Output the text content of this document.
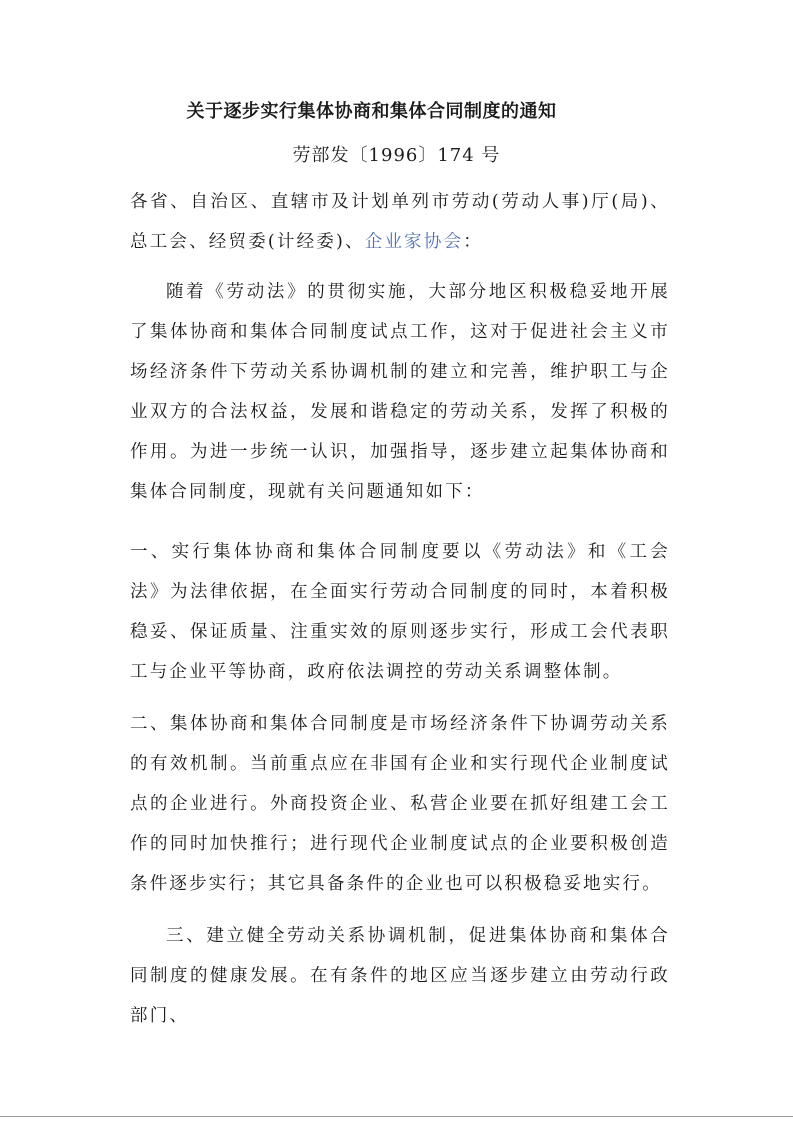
关于逐步实行集体协商和集体合同制度的通知
劳部发〔1996〕174 号

各省、自治区、直辖市及计划单列市劳动(劳动人事)厅(局)、总工会、经贸委(计经委)、企业家协会：

随着《劳动法》的贯彻实施，大部分地区积极稳妥地开展了集体协商和集体合同制度试点工作，这对于促进社会主义市场经济条件下劳动关系协调机制的建立和完善，维护职工与企业双方的合法权益，发展和谐稳定的劳动关系，发挥了积极的作用。为进一步统一认识，加强指导，逐步建立起集体协商和集体合同制度，现就有关问题通知如下：

一、实行集体协商和集体合同制度要以《劳动法》和《工会法》为法律依据，在全面实行劳动合同制度的同时，本着积极稳妥、保证质量、注重实效的原则逐步实行，形成工会代表职工与企业平等协商，政府依法调控的劳动关系调整体制。

二、集体协商和集体合同制度是市场经济条件下协调劳动关系的有效机制。当前重点应在非国有企业和实行现代企业制度试点的企业进行。外商投资企业、私营企业要在抓好组建工会工作的同时加快推行；进行现代企业制度试点的企业要积极创造条件逐步实行；其它具备条件的企业也可以积极稳妥地实行。

三、建立健全劳动关系协调机制，促进集体协商和集体合同制度的健康发展。在有条件的地区应当逐步建立由劳动行政部门、
